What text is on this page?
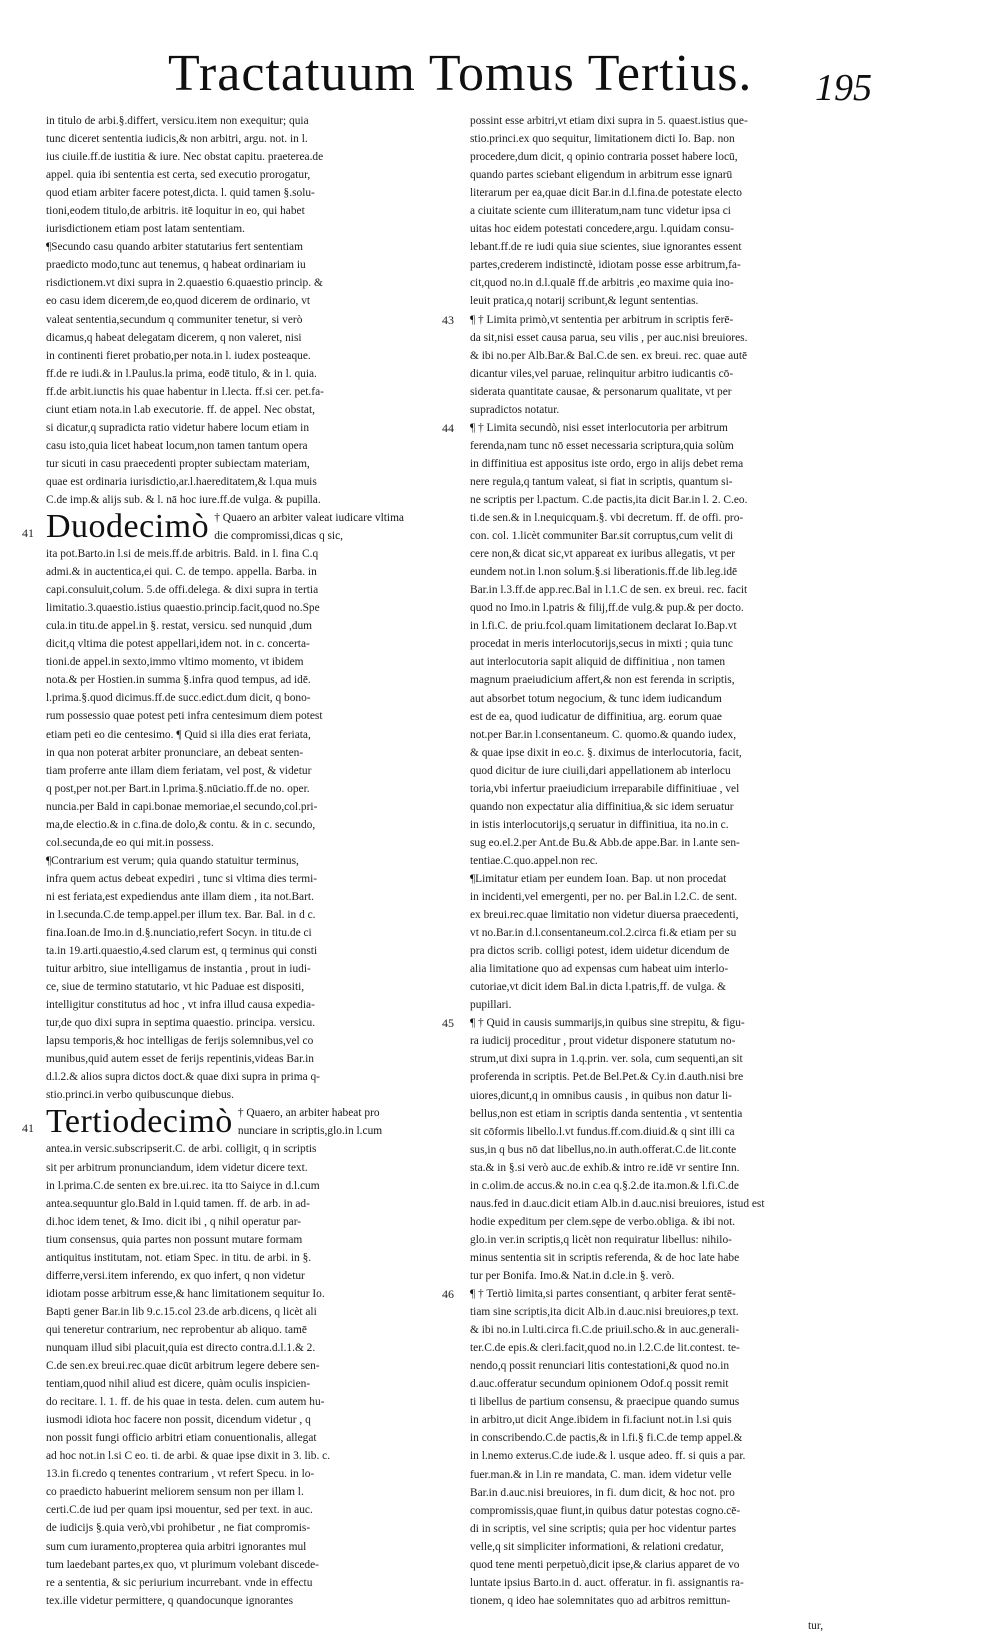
Tractatuum Tomus Tertius. 195
in titulo de arbi.§.differt, versicu.item non exequitur; quia
tunc diceret sententia iudicis,& non arbitri, argu. not. in l.
ius ciuile.ff.de iustitia & iure. Nec obstat capitu. praeterea.de
appel. quia ibi sententia est certa, sed executio prorogatur,
quod etiam arbiter facere potest,dicta. l. quid tamen §.solu-
tioni,eodem titulo,de arbitris. itē loquitur in eo, qui habet
iurisdictionem etiam post latam sententiam.
¶Secundo casu quando arbiter statutarius fert sententiam
praedicto modo,tunc aut tenemus, q habeat ordinariam iu
risdictionem.vt dixi supra in 2.quaestio 6.quaestio princip. &
eo casu idem dicerem,de eo,quod dicerem de ordinario, vt
valeat sententia,secundum q communiter tenetur, si verò
dicamus,q habeat delegatam dicerem, q non valeret, nisi
in continenti fieret probatio,per nota.in l. iudex posteaque.
ff.de re iudi.& in l.Paulus.la prima, eodē titulo, & in l. quia.
ff.de arbit.iunctis his quae habentur in l.lecta. ff.si cer. pet.fa-
ciunt etiam nota.in l.ab executorie. ff. de appel. Nec obstat,
si dicatur,q supradicta ratio videtur habere locum etiam in
casu isto,quia licet habeat locum,non tamen tantum opera
tur sicuti in casu praecedenti propter subiectam materiam,
quae est ordinaria iurisdictio,ar.l.haereditatem,& l.qua muis
C.de imp.& alijs sub. & l. nā hoc iure.ff.de vulga. & pupilla.
41 Duodecimò † Quaero an arbiter valeat iudicare vltima die compromissi,dicas q sic,
ita pot.Barto.in l.si de meis.ff.de arbitris. Bald. in l. fina C.q
admi.& in auctentica,ei qui. C. de tempo. appella. Barba. in
capi.consuluit,colum. 5.de offi.delega. & dixi supra in tertia
limitatio.3.quaestio.istius quaestio.princip.facit,quod no.Spe
cula.in titu.de appel.in §. restat, versicu. sed nunquid ,dum
dicit,q vltima die potest appellari,idem not. in c. concerta-
tioni.de appel.in sexto,immo vltimo momento, vt ibidem
nota.& per Hostien.in summa §.infra quod tempus, ad idē.
l.prima.§.quod dicimus.ff.de succ.edict.dum dicit, q bono-
rum possessio quae potest peti infra centesimum diem potest
etiam peti eo die centesimo. ¶ Quid si illa dies erat feriata,
in qua non poterat arbiter pronunciare, an debeat senten-
tiam proferre ante illam diem feriatam, vel post, & videtur
q post,per not.per Bart.in l.prima.§.nūciatio.ff.de no. oper.
nuncia.per Bald in capi.bonae memoriae,el secundo,col.pri-
ma,de electio.& in c.fina.de dolo,& contu. & in c. secundo,
col.secunda,de eo qui mit.in possess.
¶Contrarium est verum; quia quando statuitur terminus,
infra quem actus debeat expediri , tunc si vltima dies termi-
ni est feriata,est expediendus ante illam diem , ita not.Bart.
in l.secunda.C.de temp.appel.per illum tex. Bar. Bal. in d c.
fina.Ioan.de Imo.in d.§.nunciatio,refert Socyn. in titu.de ci
ta.in 19.arti.quaestio,4.sed clarum est, q terminus qui consti
tuitur arbitro, siue intelligamus de instantia , prout in iudi-
ce, siue de termino statutario, vt hic Paduae est dispositi,
intelligitur constitutus ad hoc , vt infra illud causa expedia-
tur,de quo dixi supra in septima quaestio. principa. versicu.
lapsu temporis,& hoc intelligas de ferijs solemnibus,vel co
munibus,quid autem esset de ferijs repentinis,videas Bar.in
d.l.2.& alios supra dictos doct.& quae dixi supra in prima q-
stio.princi.in verbo quibuscunque diebus.
41 Tertiodecimò † Quaero, an arbiter habeat pro nunciare in scriptis,glo.in l.cum
antea.in versic.subscripserit.C. de arbi. colligit, q in scriptis
sit per arbitrum pronunciandum, idem videtur dicere text.
in l.prima.C.de senten ex bre.ui.rec. ita tto Saiyce in d.l.cum
antea.sequuntur glo.Bald in l.quid tamen. ff. de arb. in ad-
di.hoc idem tenet, & Imo. dicit ibi , q nihil operatur par-
tium consensus, quia partes non possunt mutare formam
antiquitus institutam, not. etiam Spec. in titu. de arbi. in §.
differre,versi.item inferendo, ex quo infert, q non videtur
idiotam posse arbitrum esse,& hanc limitationem sequitur Io.
Bapti gener Bar.in lib 9.c.15.col 23.de arb.dicens, q licèt ali
qui teneretur contrarium, nec reprobentur ab aliquo. tamē
nunquam illud sibi placuit,quia est directo contra.d.l.1.& 2.
C.de sen.ex breui.rec.quae dicūt arbitrum legere debere sen-
tentiam,quod nihil aliud est dicere, quàm oculis inspicien-
do recitare. l. 1. ff. de his quae in testa. delen. cum autem hu-
iusmodi idiota hoc facere non possit, dicendum videtur , q
non possit fungi officio arbitri etiam conuentionalis, allegat
ad hoc not.in l.si C eo. ti. de arbi. & quae ipse dixit in 3. lib. c.
13.in fi.credo q tenentes contrarium , vt refert Specu. in lo-
co praedicto habuerint meliorem sensum non per illam l.
certi.C.de iud per quam ipsi mouentur, sed per text. in auc.
de iudicijs §.quia verò,vbi prohibetur , ne fiat compromis-
sum cum iuramento,propterea quia arbitri ignorantes mul
tum laedebant partes,ex quo, vt plurimum volebant discede-
re a sententia, & sic periurium incurrebant. vnde in effectu
tex.ille videtur permittere, q quandocunque ignorantes
possint esse arbitri,vt etiam dixi supra in 5. quaest.istius que-
stio.princi.ex quo sequitur, limitationem dicti Io. Bap. non
procedere,dum dicit, q opinio contraria posset habere locū,
quando partes sciebant eligendum in arbitrum esse ignarū
literarum per ea,quae dicit Bar.in d.l.fina.de potestate electo
a ciuitate sciente cum illiteratum,nam tunc videtur ipsa ci
uitas hoc eidem potestati concedere,argu. l.quidam consu-
lebant.ff.de re iudi quia siue scientes, siue ignorantes essent
partes,crederem indistinctè, idiotam posse esse arbitrum,fa-
cit,quod no.in d.l.qualē ff.de arbitris ,eo maxime quia ino-
leuit pratica,q notarij scribunt,& legunt sententias.
43 ¶ † Limita primò,vt sententia per arbitrum in scriptis ferē-
da sit,nisi esset causa parua, seu vilis , per auc.nisi breuiores.
& ibi no.per Alb.Bar.& Bal.C.de sen. ex breui. rec. quae autē
dicantur viles,vel paruae, relinquitur arbitro iudicantis cō-
siderata quantitate causae, & personarum qualitate, vt per
supradictos notatur.
44 ¶ † Limita secundò, nisi esset interlocutoria per arbitrum
ferenda,nam tunc nō esset necessaria scriptura,quia solùm
in diffinitiua est appositus iste ordo, ergo in alijs debet rema
nere regula,q tantum valeat, si fiat in scriptis, quantum si-
ne scriptis per l.pactum. C.de pactis,ita dicit Bar.in l. 2. C.eo.
ti.de sen.& in l.nequicquam.§. vbi decretum. ff. de offi. pro-
con. col. 1.licèt communiter Bar.sit corruptus,cum velit di
cere non,& dicat sic,vt appareat ex iuribus allegatis, vt per
eundem not.in l.non solum.§.si liberationis.ff.de lib.leg.idē
Bar.in l.3.ff.de app.rec.Bal in l.1.C de sen. ex breui. rec. facit
quod no Imo.in l.patris & filij,ff.de vulg.& pup.& per docto.
in l.fi.C. de priu.fcol.quam limitationem declarat Io.Bap.vt
procedat in meris interlocutorijs,secus in mixti ; quia tunc
aut interlocutoria sapit aliquid de diffinitiua , non tamen
magnum praeiudicium affert,& non est ferenda in scriptis,
aut absorbet totum negocium, & tunc idem iudicandum
est de ea, quod iudicatur de diffinitiua, arg. eorum quae
not.per Bar.in l.consentaneum. C. quomo.& quando iudex,
& quae ipse dixit in eo.c. §. diximus de interlocutoria, facit,
quod dicitur de iure ciuili,dari appellationem ab interlocu
toria,vbi infertur praeiudicium irreparabile diffinitiuae , vel
quando non expectatur alia diffinitiua,& sic idem seruatur
in istis interlocutorijs,q seruatur in diffinitiua, ita no.in c.
sug eo.el.2.per Ant.de Bu.& Abb.de appe.Bar. in l.ante sen-
tentiae.C.quo.appel.non rec.
¶Limitatur etiam per eundem Ioan. Bap. ut non procedat
in incidenti,vel emergenti, per no. per Bal.in l.2.C. de sent.
ex breui.rec.quae limitatio non videtur diuersa praecedenti,
vt no.Bar.in d.l.consentaneum.col.2.circa fi.& etiam per su
pra dictos scrib. colligi potest, idem uidetur dicendum de
alia limitatione quo ad expensas cum habeat uim interlo-
cutoriae,vt dicit idem Bal.in dicta l.patris,ff. de vulga. &
pupillari.
45 ¶ † Quid in causis summarijs,in quibus sine strepitu, & figu-
ra iudicij proceditur , prout videtur disponere statutum no-
strum,ut dixi supra in 1.q.prin. ver. sola, cum sequenti,an sit
proferenda in scriptis. Pet.de Bel.Pet.& Cy.in d.auth.nisi bre
uiores,dicunt,q in omnibus causis , in quibus non datur li-
bellus,non est etiam in scriptis danda sententia , vt sententia
sit cōformis libello.l.vt fundus.ff.com.diuid.& q sint illi ca
sus,in q bus nō dat libellus,no.in auth.offerat.C.de lit.conte
sta.& in §.si verò auc.de exhib.& intro re.idē vr sentire Inn.
in c.olim.de accus.& no.in c.ea q.§.2.de ita.mon.& l.fi.C.de
naus.fed in d.auc.dicit etiam Alb.in d.auc.nisi breuiores, istud est
hodie expeditum per clem.sępe de verbo.obliga. & ibi not.
glo.in ver.in scriptis,q licèt non requiratur libellus: nihilo-
minus sententia sit in scriptis referenda, & de hoc late habe
tur per Bonifa. Imo.& Nat.in d.cle.in §. verò.
46 ¶ † Tertiò limita,si partes consentiant, q arbiter ferat sentē-
tiam sine scriptis,ita dicit Alb.in d.auc.nisi breuiores,p text.
& ibi no.in l.ulti.circa fi.C.de priuil.scho.& in auc.generali-
ter.C.de epis.& cleri.facit,quod no.in l.2.C.de lit.contest. te-
nendo,q possit renunciari litis contestationi,& quod no.in
d.auc.offeratur secundum opinionem Odof.q possit remit
ti libellus de partium consensu, & praecipue quando sumus
in arbitro,ut dicit Ange.ibidem in fi.faciunt not.in l.si quis
in conscribendo.C.de pactis,& in l.fi.§ fi.C.de temp appel.&
in l.nemo exterus.C.de iude.& l. usque adeo. ff. si quis a par.
fuer.man.& in l.in re mandata, C. man. idem videtur velle
Bar.in d.auc.nisi breuiores, in fi. dum dicit, & hoc not. pro
compromissis,quae fiunt,in quibus datur potestas cogno.cē-
di in scriptis, vel sine scriptis; quia per hoc videntur partes
velle,q sit simpliciter informationi, & relationi credatur,
quod tene menti perpetuò,dicit ipse,& clarius apparet de vo
luntate ipsius Barto.in d. auct. offeratur. in fi. assignantis ra-
tionem, q ideo hae solemnitates quo ad arbitros remittun-
tur,
